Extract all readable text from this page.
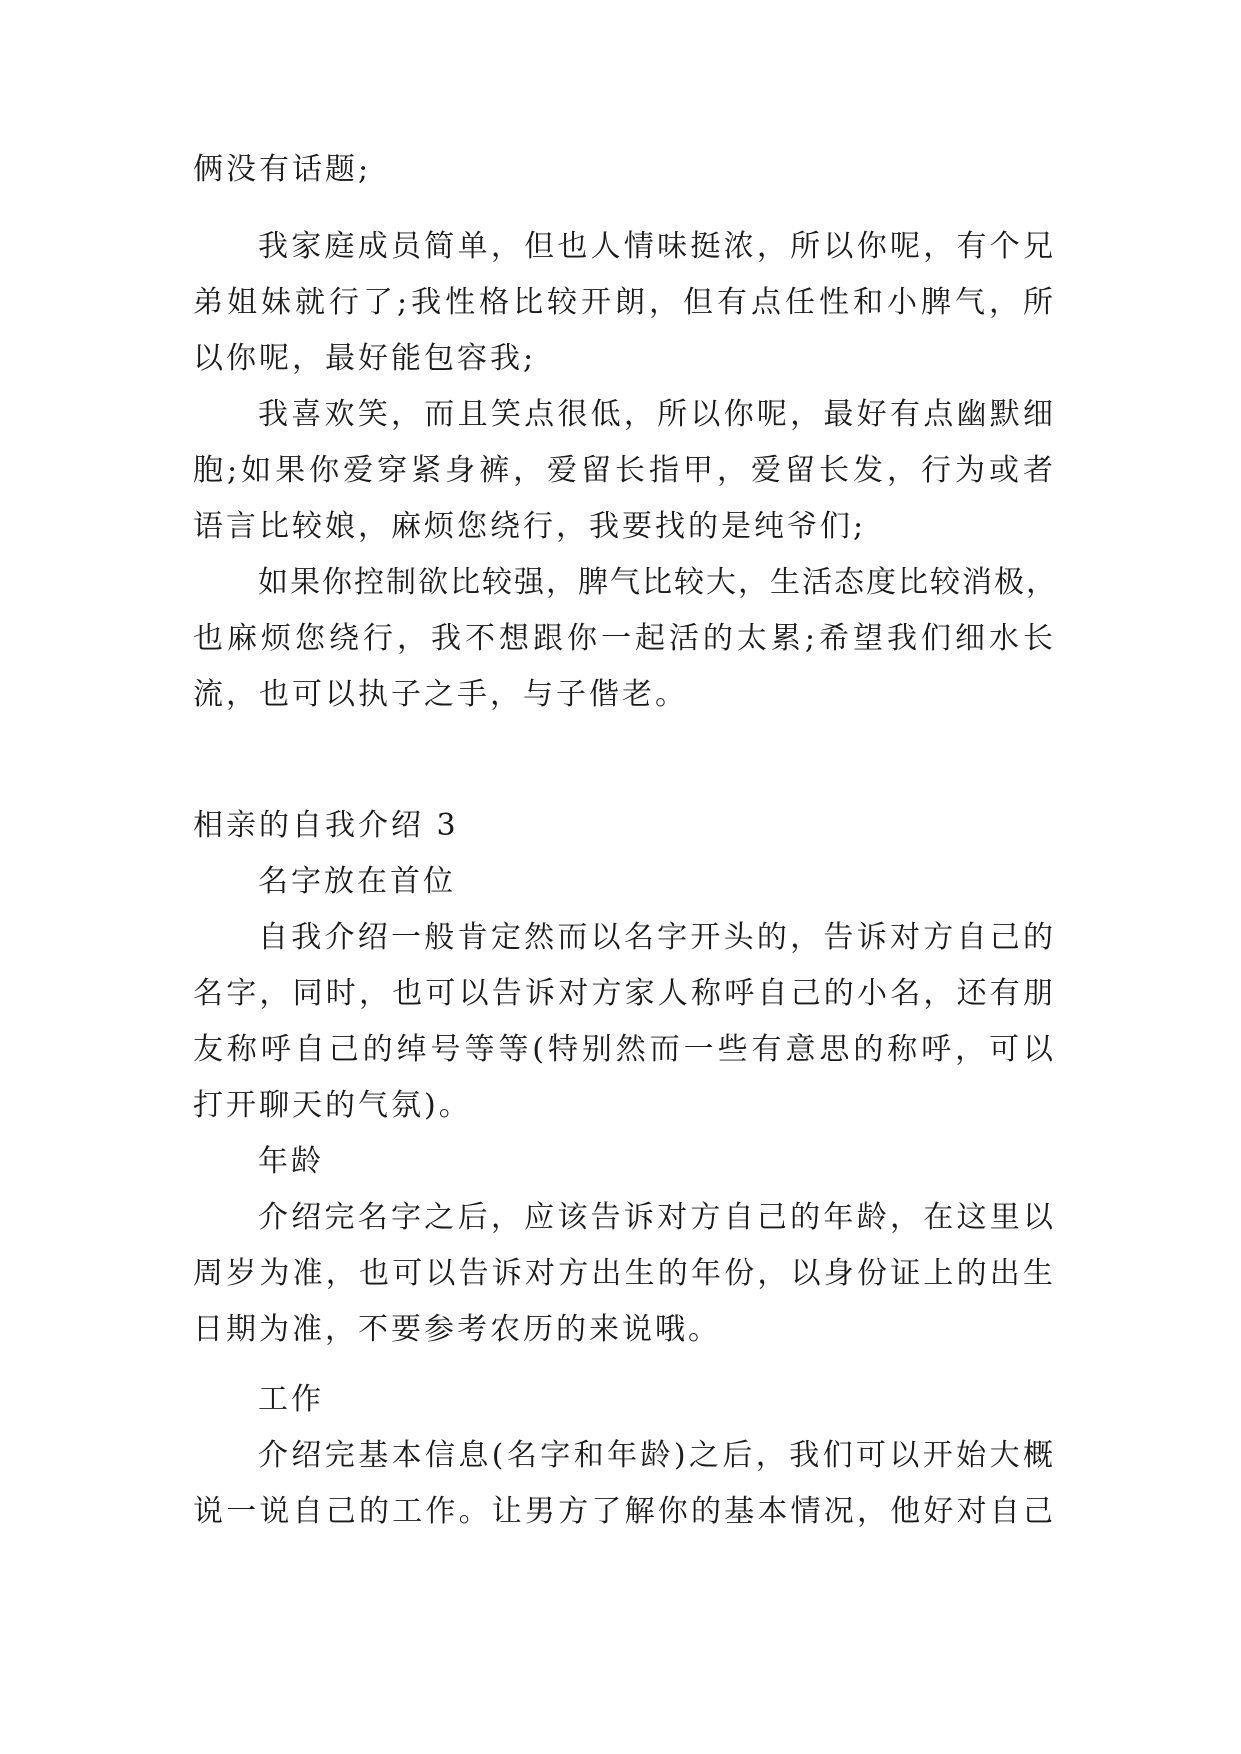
俩没有话题;
我家庭成员简单，但也人情味挺浓，所以你呢，有个兄
弟姐妹就行了;我性格比较开朗，但有点任性和小脾气，所
以你呢，最好能包容我;
我喜欢笑，而且笑点很低，所以你呢，最好有点幽默细
胞;如果你爱穿紧身裤，爱留长指甲，爱留长发，行为或者
语言比较娘，麻烦您绕行，我要找的是纯爷们;
如果你控制欲比较强，脾气比较大，生活态度比较消极，
也麻烦您绕行，我不想跟你一起活的太累;希望我们细水长
流，也可以执子之手，与子偕老。
相亲的自我介绍 3
名字放在首位
自我介绍一般肯定然而以名字开头的，告诉对方自己的
名字，同时，也可以告诉对方家人称呼自己的小名，还有朋
友称呼自己的绰号等等(特别然而一些有意思的称呼，可以
打开聊天的气氛)。
年龄
介绍完名字之后，应该告诉对方自己的年龄，在这里以
周岁为准，也可以告诉对方出生的年份，以身份证上的出生
日期为准，不要参考农历的来说哦。
工作
介绍完基本信息(名字和年龄)之后，我们可以开始大概
说一说自己的工作。让男方了解你的基本情况，他好对自己
